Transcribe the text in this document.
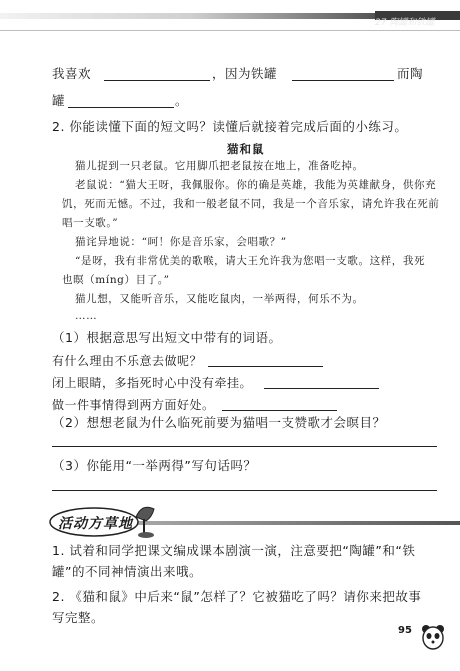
27 陶罐和铁罐
我喜欢	，因为铁罐	而陶
罐	。
2. 你能读懂下面的短文吗？读懂后就接着完成后面的小练习。
猫和鼠
猫儿捉到一只老鼠。它用脚爪把老鼠按在地上，准备吃掉。
老鼠说：“猫大王呀，我佩服你。你的确是英雄，我能为英雄献身，供你充
饥，死而无憾。不过，我和一般老鼠不同，我是一个音乐家，请允许我在死前
唱一支歌。”
猫诧异地说：“呵！你是音乐家，会唱歌？”
“是呀，我有非常优美的歌喉，请大王允许我为您唱一支歌。这样，我死
也暝（míng）目了。”
猫儿想，又能听音乐，又能吃鼠肉，一举两得，何乐不为。
……
（1）根据意思写出短文中带有的词语。
有什么理由不乐意去做呢？
闭上眼睛，多指死时心中没有牵挂。
做一件事情得到两方面好处。
（2）想想老鼠为什么临死前要为猫唱一支赞歌才会暝目？
（3）你能用“一举两得”写句话吗？
活动方草地
1. 试着和同学把课文编成课本剧演一演，注意要把“陶罐”和“铁
罐”的不同神情演出来哦。
2. 《猫和鼠》中后来“鼠”怎样了？它被猫吃了吗？请你来把故事
写完整。
95
